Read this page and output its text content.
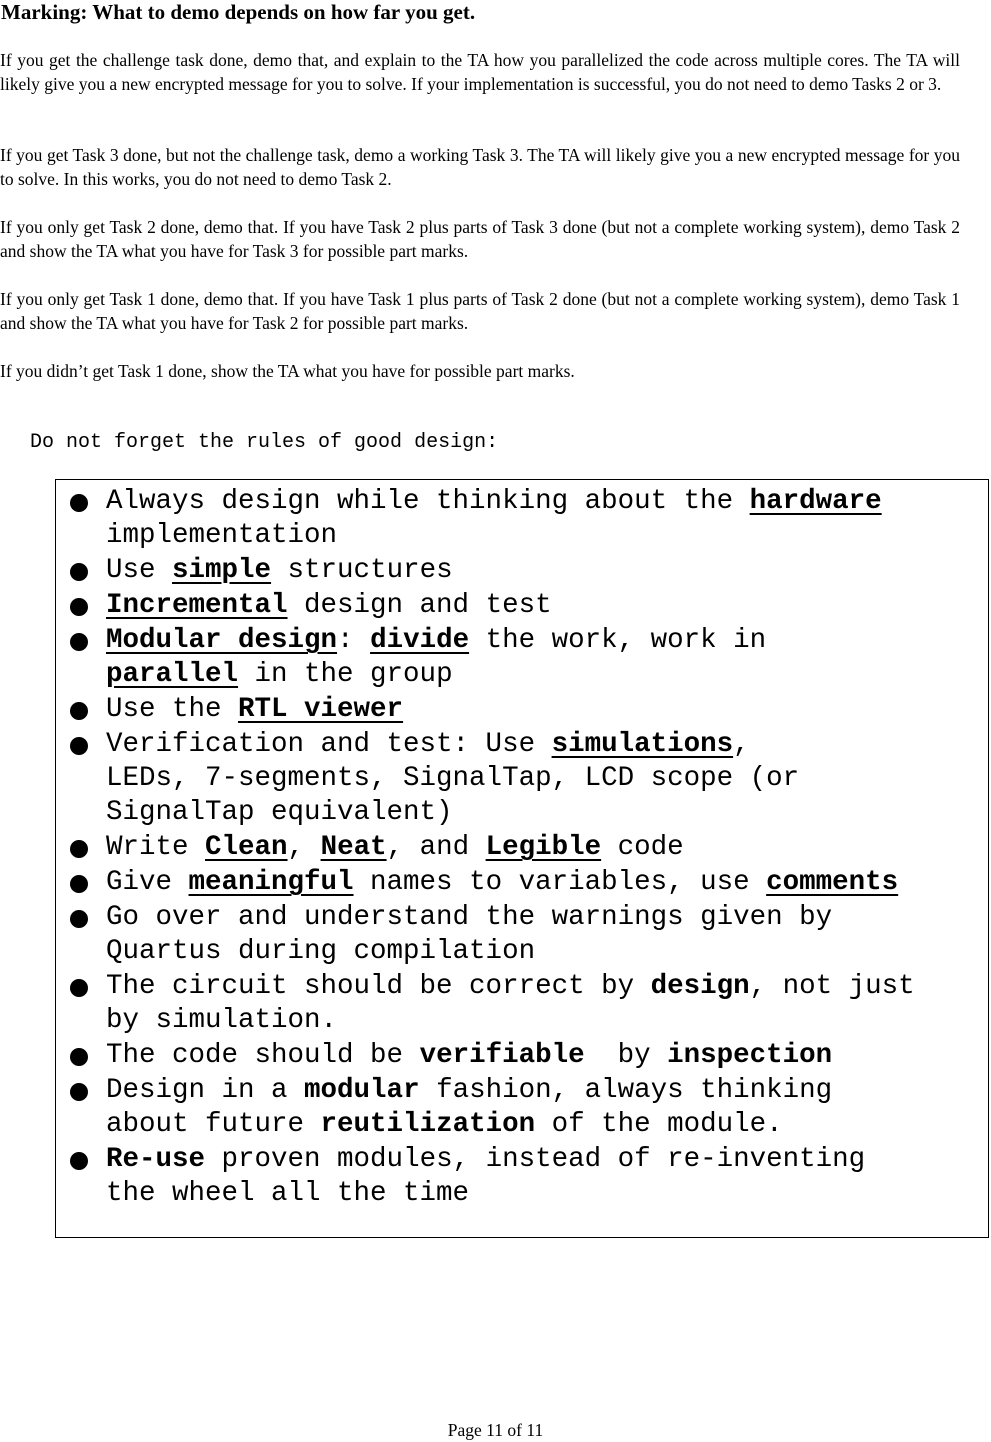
Marking: What to demo depends on how far you get.

If you get the challenge task done, demo that, and explain to the TA how you parallelized the code across multiple cores. The TA will likely give you a new encrypted message for you to solve. If your implementation is successful, you do not need to demo Tasks 2 or 3.

If you get Task 3 done, but not the challenge task, demo a working Task 3. The TA will likely give you a new encrypted message for you to solve. In this works, you do not need to demo Task 2.

If you only get Task 2 done, demo that. If you have Task 2 plus parts of Task 3 done (but not a complete working system), demo Task 2 and show the TA what you have for Task 3 for possible part marks.

If you only get Task 1 done, demo that. If you have Task 1 plus parts of Task 2 done (but not a complete working system), demo Task 1 and show the TA what you have for Task 2 for possible part marks.

If you didn’t get Task 1 done, show the TA what you have for possible part marks.

Do not forget the rules of good design:
Always design while thinking about the hardware
implementation
Use simple structures
Incremental design and test
Modular design: divide the work, work in
parallel in the group
Use the RTL viewer
Verification and test: Use simulations,
LEDs, 7-segments, SignalTap, LCD scope (or
SignalTap equivalent)
Write Clean, Neat, and Legible code
Give meaningful names to variables, use comments
Go over and understand the warnings given by
Quartus during compilation
The circuit should be correct by design, not just
by simulation.
The code should be verifiable  by inspection
Design in a modular fashion, always thinking
about future reutilization of the module.
Re-use proven modules, instead of re-inventing
the wheel all the time
Page 11 of 11
